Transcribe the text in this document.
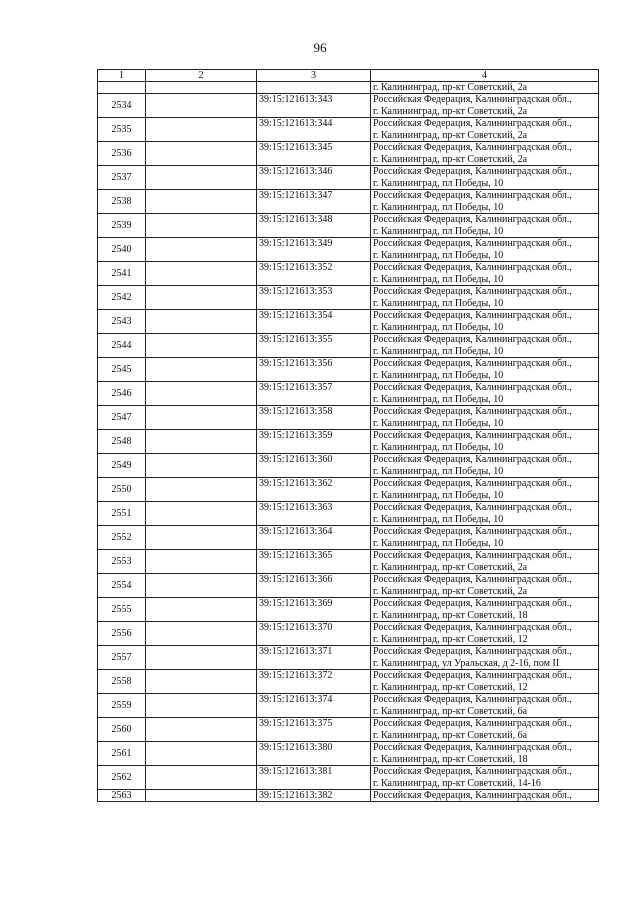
96
1	2	3	4
			г. Калининград, пр-кт Советский, 2а
2534		39:15:121613:343	Российская Федерация, Калининградская обл.,
г. Калининград, пр-кт Советский, 2а

2535		39:15:121613:344	Российская Федерация, Калининградская обл.,
г. Калининград, пр-кт Советский, 2а

2536		39:15:121613:345	Российская Федерация, Калининградская обл.,
г. Калининград, пр-кт Советский, 2а

2537		39:15:121613:346	Российская Федерация, Калининградская обл.,
г. Калининград, пл Победы, 10

2538		39:15:121613:347	Российская Федерация, Калининградская обл.,
г. Калининград, пл Победы, 10

2539		39:15:121613:348	Российская Федерация, Калининградская обл.,
г. Калининград, пл Победы, 10

2540		39:15:121613:349	Российская Федерация, Калининградская обл.,
г. Калининград, пл Победы, 10

2541		39:15:121613:352	Российская Федерация, Калининградская обл.,
г. Калининград, пл Победы, 10

2542		39:15:121613:353	Российская Федерация, Калининградская обл.,
г. Калининград, пл Победы, 10

2543		39:15:121613:354	Российская Федерация, Калининградская обл.,
г. Калининград, пл Победы, 10

2544		39:15:121613:355	Российская Федерация, Калининградская обл.,
г. Калининград, пл Победы, 10

2545		39:15:121613:356	Российская Федерация, Калининградская обл.,
г. Калининград, пл Победы, 10

2546		39:15:121613:357	Российская Федерация, Калининградская обл.,
г. Калининград, пл Победы, 10

2547		39:15:121613:358	Российская Федерация, Калининградская обл.,
г. Калининград, пл Победы, 10

2548		39:15:121613:359	Российская Федерация, Калининградская обл.,
г. Калининград, пл Победы, 10

2549		39:15:121613:360	Российская Федерация, Калининградская обл.,
г. Калининград, пл Победы, 10

2550		39:15:121613:362	Российская Федерация, Калининградская обл.,
г. Калининград, пл Победы, 10

2551		39:15:121613:363	Российская Федерация, Калининградская обл.,
г. Калининград, пл Победы, 10

2552		39:15:121613:364	Российская Федерация, Калининградская обл.,
г. Калининград, пл Победы, 10

2553		39:15:121613:365	Российская Федерация, Калининградская обл.,
г. Калининград, пр-кт Советский, 2а

2554		39:15:121613:366	Российская Федерация, Калининградская обл.,
г. Калининград, пр-кт Советский, 2а

2555		39:15:121613:369	Российская Федерация, Калининградская обл.,
г. Калининград, пр-кт Советский, 18

2556		39:15:121613:370	Российская Федерация, Калининградская обл.,
г. Калининград, пр-кт Советский, 12

2557		39:15:121613:371	Российская Федерация, Калининградская обл.,
г. Калининград, ул Уральская, д 2-16, пом II

2558		39:15:121613:372	Российская Федерация, Калининградская обл.,
г. Калининград, пр-кт Советский, 12

2559		39:15:121613:374	Российская Федерация, Калининградская обл.,
г. Калининград, пр-кт Советский, 6а

2560		39:15:121613:375	Российская Федерация, Калининградская обл.,
г. Калининград, пр-кт Советский, 6а

2561		39:15:121613:380	Российская Федерация, Калининградская обл.,
г. Калининград, пр-кт Советский, 18

2562		39:15:121613:381	Российская Федерация, Калининградская обл.,
г. Калининград, пр-кт Советский, 14-16

2563		39:15:121613:382	Российская Федерация, Калининградская обл.,
